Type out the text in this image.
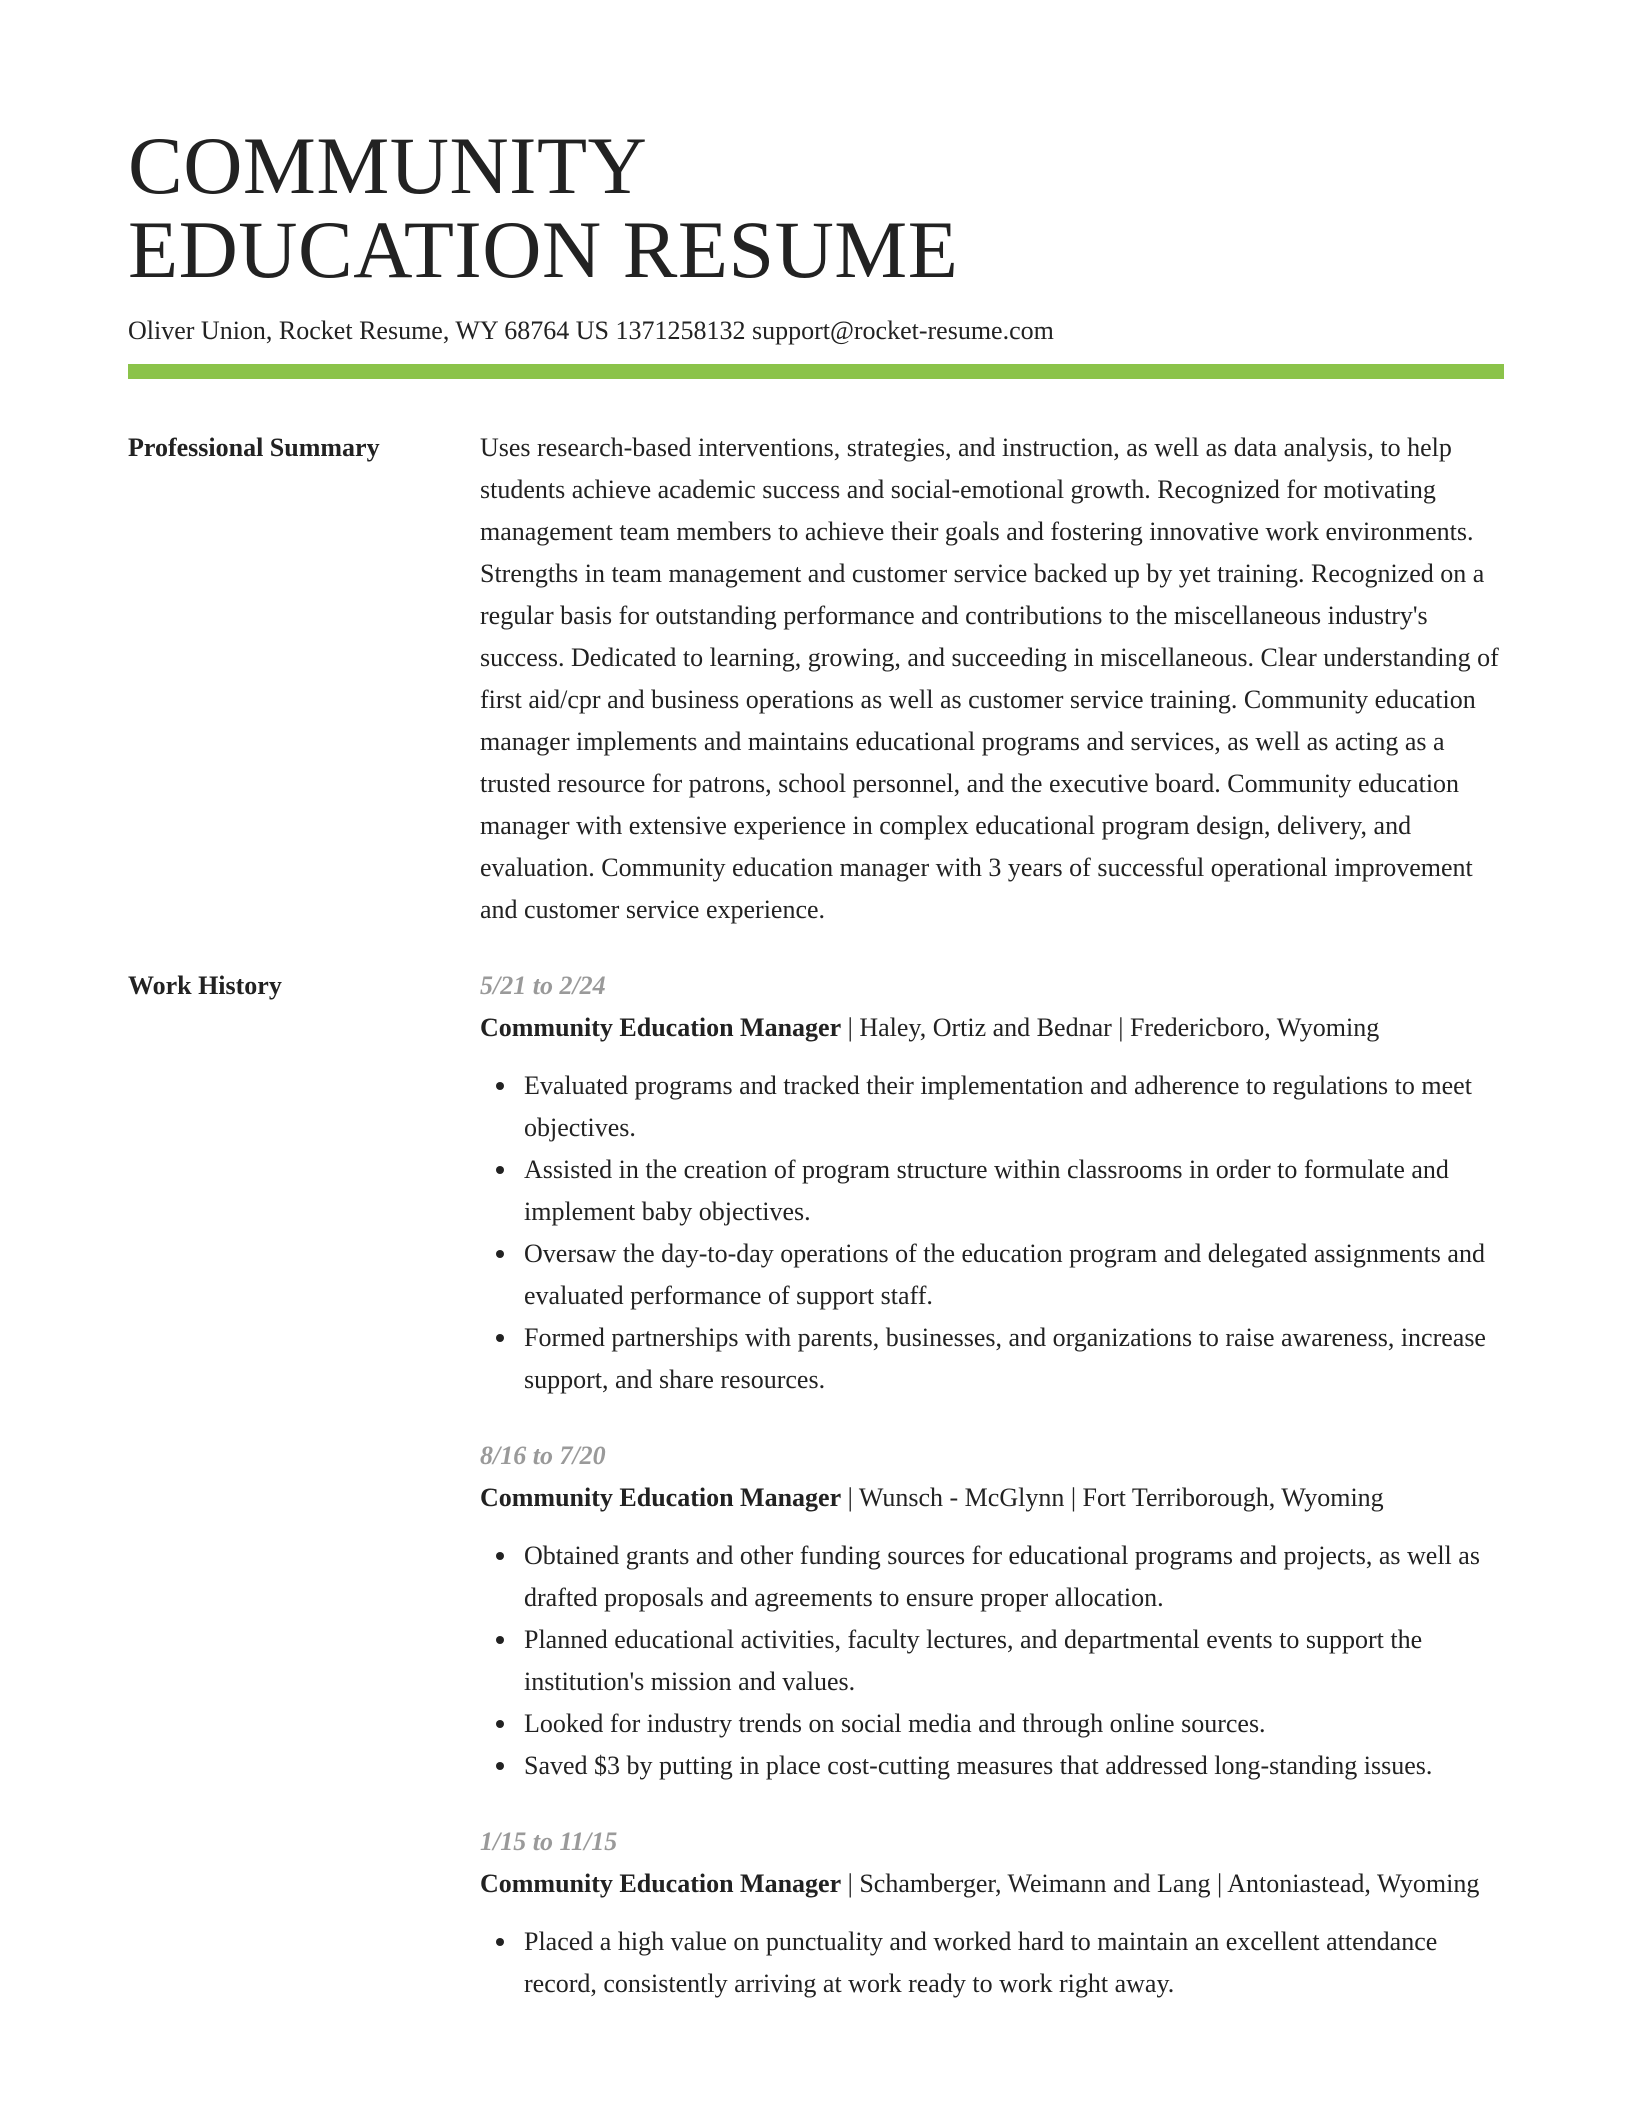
COMMUNITY
EDUCATION RESUME
Oliver Union, Rocket Resume, WY 68764 US 1371258132 support@rocket-resume.com
Professional Summary	Uses research-based interventions, strategies, and instruction, as well as data analysis, to help students achieve academic success and social-emotional growth. Recognized for motivating management team members to achieve their goals and fostering innovative work environments. Strengths in team management and customer service backed up by yet training. Recognized on a regular basis for outstanding performance and contributions to the miscellaneous industry's success. Dedicated to learning, growing, and succeeding in miscellaneous. Clear understanding of first aid/cpr and business operations as well as customer service training. Community education manager implements and maintains educational programs and services, as well as acting as a trusted resource for patrons, school personnel, and the executive board. Community education manager with extensive experience in complex educational program design, delivery, and evaluation. Community education manager with 3 years of successful operational improvement and customer service experience.

Work History	5/21 to 2/24
Community Education Manager | Haley, Ortiz and Bednar | Fredericboro, Wyoming
Evaluated programs and tracked their implementation and adherence to regulations to meet objectives.
Assisted in the creation of program structure within classrooms in order to formulate and implement baby objectives.
Oversaw the day-to-day operations of the education program and delegated assignments and evaluated performance of support staff.
Formed partnerships with parents, businesses, and organizations to raise awareness, increase support, and share resources.
8/16 to 7/20
Community Education Manager | Wunsch - McGlynn | Fort Terriborough, Wyoming
Obtained grants and other funding sources for educational programs and projects, as well as drafted proposals and agreements to ensure proper allocation.
Planned educational activities, faculty lectures, and departmental events to support the institution's mission and values.
Looked for industry trends on social media and through online sources.
Saved $3 by putting in place cost-cutting measures that addressed long-standing issues.
1/15 to 11/15
Community Education Manager | Schamberger, Weimann and Lang | Antoniastead, Wyoming
Placed a high value on punctuality and worked hard to maintain an excellent attendance record, consistently arriving at work ready to work right away.
